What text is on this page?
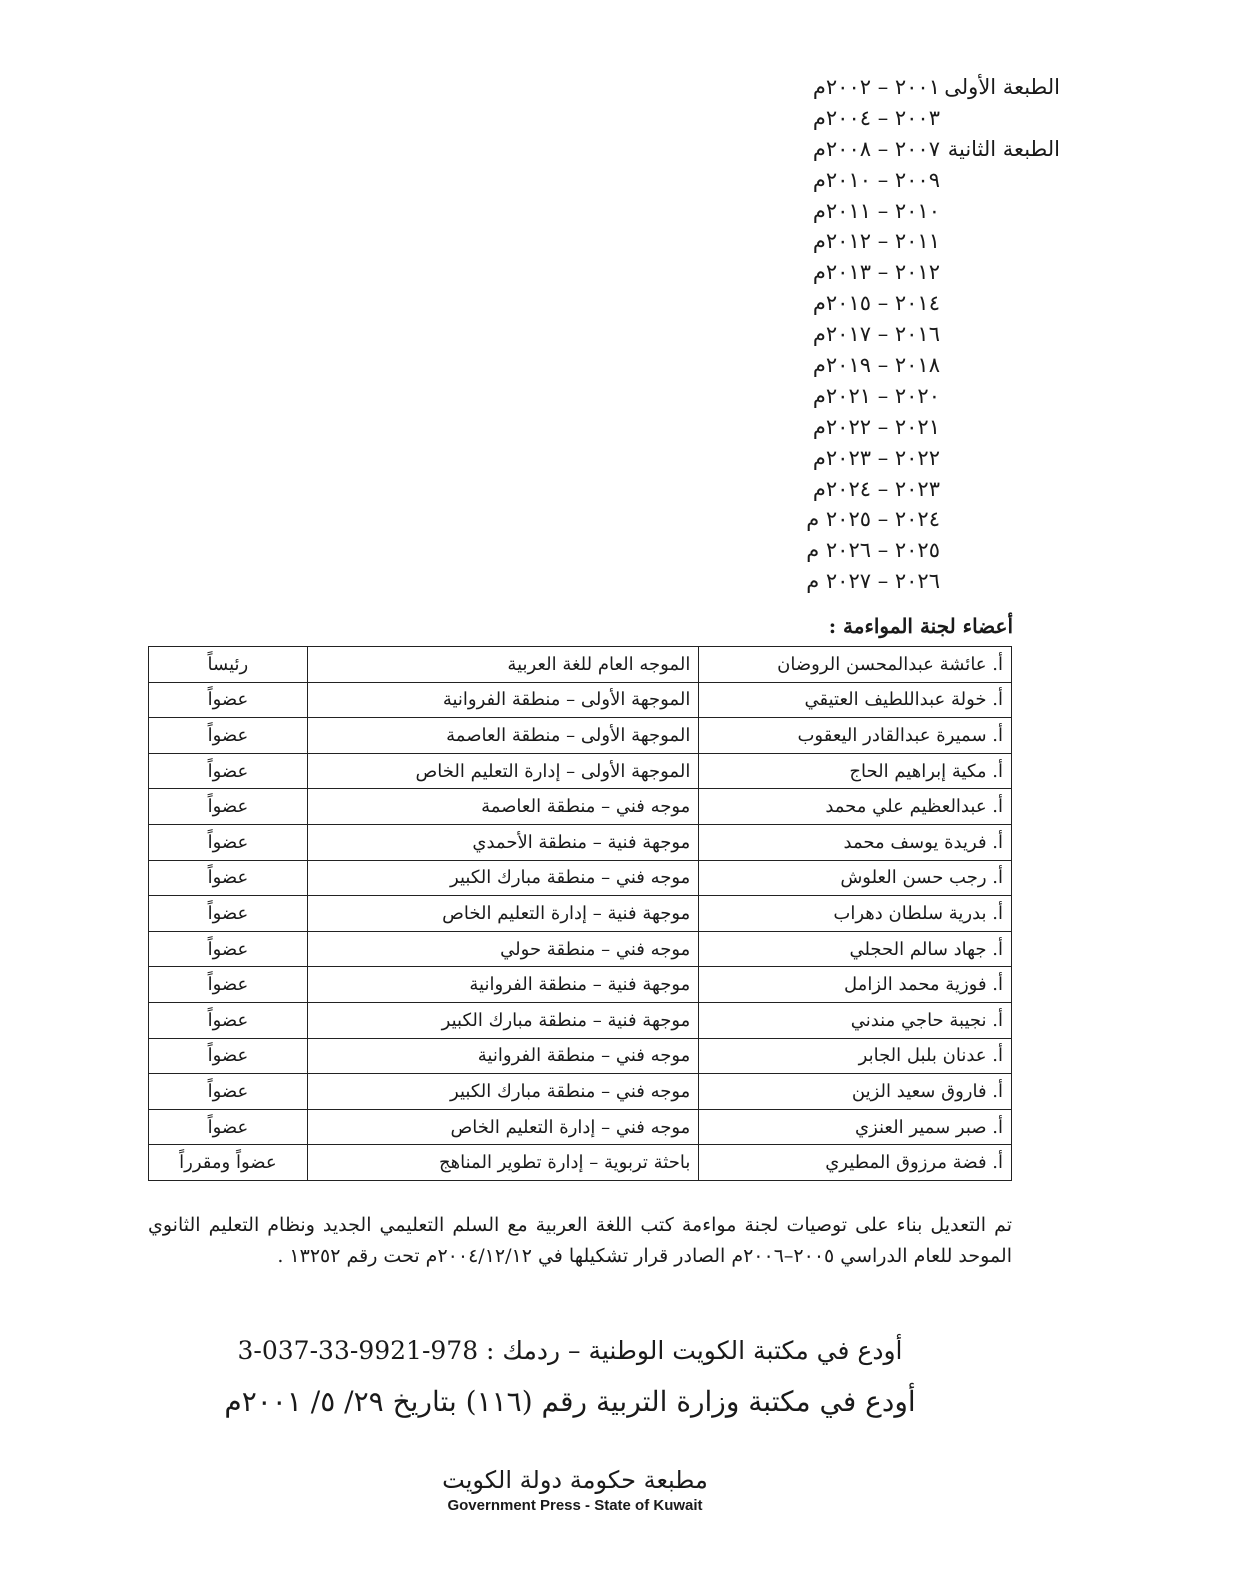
الطبعة الأولى
٢٠٠١ – ٢٠٠٢م
٢٠٠٣ – ٢٠٠٤م
الطبعة الثانية
٢٠٠٧ – ٢٠٠٨م
٢٠٠٩ – ٢٠١٠م
٢٠١٠ – ٢٠١١م
٢٠١١ – ٢٠١٢م
٢٠١٢ – ٢٠١٣م
٢٠١٤ – ٢٠١٥م
٢٠١٦ – ٢٠١٧م
٢٠١٨ – ٢٠١٩م
٢٠٢٠ – ٢٠٢١م
٢٠٢١ – ٢٠٢٢م
٢٠٢٢ – ٢٠٢٣م
٢٠٢٣ – ٢٠٢٤م
٢٠٢٤ – ٢٠٢٥ م
٢٠٢٥ – ٢٠٢٦ م
٢٠٢٦ – ٢٠٢٧ م
أعضاء لجنة المواءمة :
أ. عائشة عبدالمحسن الروضان	الموجه العام للغة العربية	رئيساً
أ. خولة عبداللطيف العتيقي	الموجهة الأولى – منطقة الفروانية	عضواً
أ. سميرة عبدالقادر اليعقوب	الموجهة الأولى – منطقة العاصمة	عضواً
أ. مكية إبراهيم الحاج	الموجهة الأولى – إدارة التعليم الخاص	عضواً
أ. عبدالعظيم علي محمد	موجه فني – منطقة العاصمة	عضواً
أ. فريدة يوسف محمد	موجهة فنية – منطقة الأحمدي	عضواً
أ. رجب حسن العلوش	موجه فني – منطقة مبارك الكبير	عضواً
أ. بدرية سلطان دهراب	موجهة فنية – إدارة التعليم الخاص	عضواً
أ. جهاد سالم الحجلي	موجه فني – منطقة حولي	عضواً
أ. فوزية محمد الزامل	موجهة فنية – منطقة الفروانية	عضواً
أ. نجيبة حاجي مندني	موجهة فنية – منطقة مبارك الكبير	عضواً
أ. عدنان بلبل الجابر	موجه فني – منطقة الفروانية	عضواً
أ. فاروق سعيد الزين	موجه فني – منطقة مبارك الكبير	عضواً
أ. صبر سمير العنزي	موجه فني – إدارة التعليم الخاص	عضواً
أ. فضة مرزوق المطيري	باحثة تربوية – إدارة تطوير المناهج	عضواً ومقرراً
تم التعديل بناء على توصيات لجنة مواءمة كتب اللغة العربية مع السلم التعليمي الجديد ونظام التعليم الثانوي الموحد للعام الدراسي ٢٠٠٥–٢٠٠٦م الصادر قرار تشكيلها في ٢٠٠٤/١٢/١٢م تحت رقم ١٣٢٥٢ .
أودع في مكتبة الكويت الوطنية – ردمك : 978-9921-33-037-3
أودع في مكتبة وزارة التربية رقم (١١٦) بتاريخ ٢٩/ ٥/ ٢٠٠١م
مطبعة حكومة دولة الكويت
Government Press - State of Kuwait
